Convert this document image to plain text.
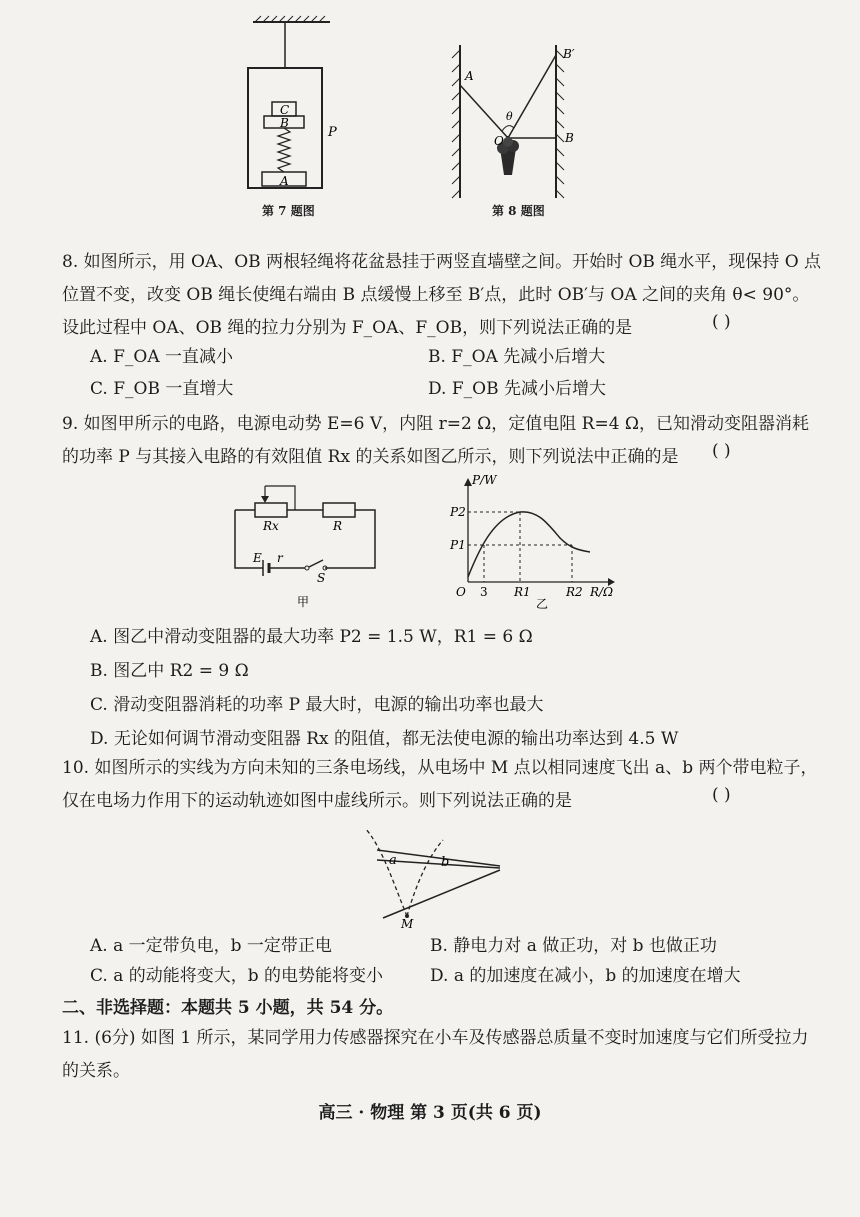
C
B
A
P
第 7 题图
A
B′
B
O
θ
第 8 题图
8. 如图所示，用 OA、OB 两根轻绳将花盆悬挂于两竖直墙壁之间。开始时 OB 绳水平，现保持 O 点位置不变，改变 OB 绳长使绳右端由 B 点缓慢上移至 B′点，此时 OB′与 OA 之间的夹角 θ< 90°。设此过程中 OA、OB 绳的拉力分别为 F_OA、F_OB，则下列说法正确的是	( )
A. F_OA 一直减小	B. F_OA 先减小后增大
C. F_OB 一直增大	D. F_OB 先减小后增大
9. 如图甲所示的电路，电源电动势 E=6 V，内阻 r=2 Ω，定值电阻 R=4 Ω，已知滑动变阻器消耗的功率 P 与其接入电路的有效阻值 Rx 的关系如图乙所示，则下列说法中正确的是	( )
Rx	R
E r
S
甲
P/W
P2
P1
O 3 R1	R2 R/Ω
乙
A. 图乙中滑动变阻器的最大功率 P2 = 1.5 W，R1 = 6 Ω
B. 图乙中 R2 = 9 Ω
C. 滑动变阻器消耗的功率 P 最大时，电源的输出功率也最大
D. 无论如何调节滑动变阻器 Rx 的阻值，都无法使电源的输出功率达到 4.5 W
10. 如图所示的实线为方向未知的三条电场线，从电场中 M 点以相同速度飞出 a、b 两个带电粒子，仅在电场力作用下的运动轨迹如图中虚线所示。则下列说法正确的是	( )
a	b
M
A. a 一定带负电，b 一定带正电	B. 静电力对 a 做正功，对 b 也做正功
C. a 的动能将变大，b 的电势能将变小	D. a 的加速度在减小，b 的加速度在增大
二、非选择题：本题共 5 小题，共 54 分。
11. (6分) 如图 1 所示，某同学用力传感器探究在小车及传感器总质量不变时加速度与它们所受拉力的关系。
高三 · 物理 第 3 页(共 6 页)
